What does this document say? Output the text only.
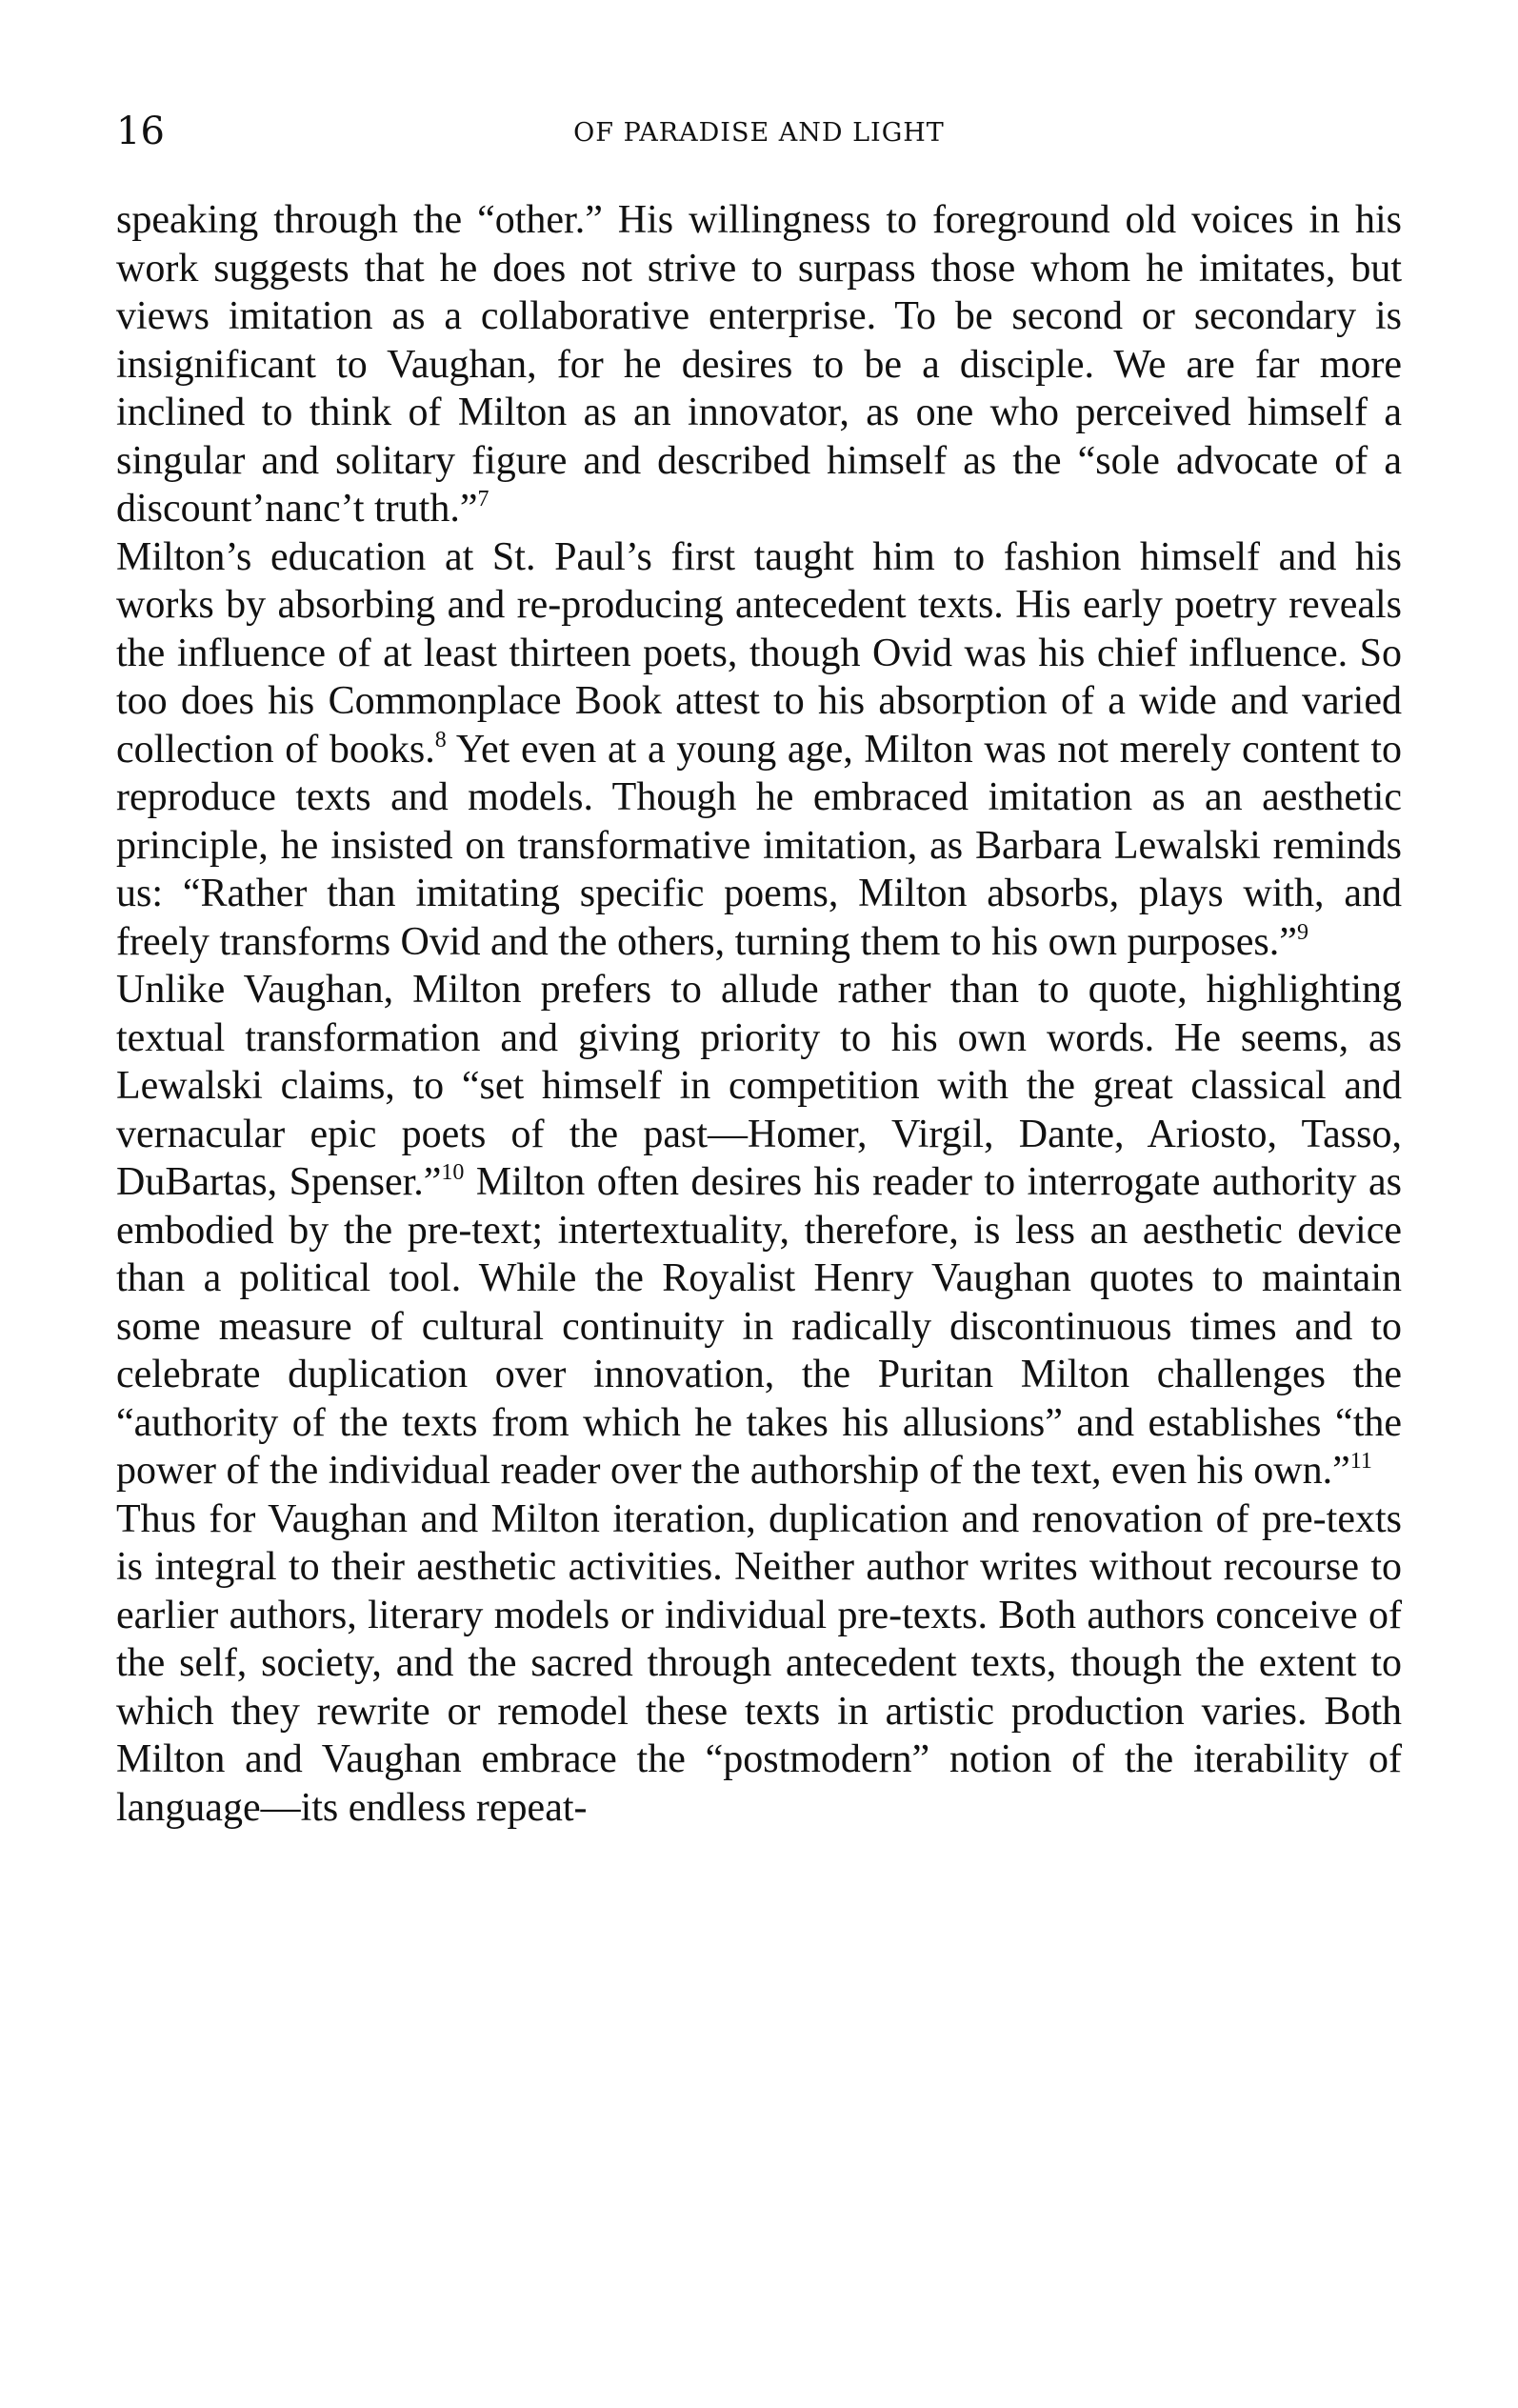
16	OF PARADISE AND LIGHT

speaking through the “other.” His willingness to foreground old voices in his work suggests that he does not strive to surpass those whom he imitates, but views imitation as a collaborative enterprise. To be second or secondary is insignificant to Vaughan, for he desires to be a disciple. We are far more inclined to think of Milton as an innovator, as one who perceived himself a singular and solitary figure and described himself as the “sole advocate of a discount’nanc’t truth.”$^7$

Milton’s education at St. Paul’s first taught him to fashion himself and his works by absorbing and re-producing antecedent texts. His early poetry reveals the influence of at least thirteen poets, though Ovid was his chief influence. So too does his Commonplace Book attest to his absorption of a wide and varied collection of books.$^8$ Yet even at a young age, Milton was not merely content to reproduce texts and models. Though he embraced imitation as an aesthetic principle, he insisted on transformative imitation, as Barbara Lewalski reminds us: “Rather than imitating specific poems, Milton absorbs, plays with, and freely transforms Ovid and the others, turning them to his own purposes.”$^9$

Unlike Vaughan, Milton prefers to allude rather than to quote, highlighting textual transformation and giving priority to his own words. He seems, as Lewalski claims, to “set himself in competition with the great classical and vernacular epic poets of the past—Homer, Virgil, Dante, Ariosto, Tasso, DuBartas, Spenser.”$^{10}$ Milton often desires his reader to interrogate authority as embodied by the pre-text; intertextuality, therefore, is less an aesthetic device than a political tool. While the Royalist Henry Vaughan quotes to maintain some measure of cultural continuity in radically discontinuous times and to celebrate duplication over innovation, the Puritan Milton challenges the “authority of the texts from which he takes his allusions” and establishes “the power of the individual reader over the authorship of the text, even his own.”$^{11}$

Thus for Vaughan and Milton iteration, duplication and renovation of pre-texts is integral to their aesthetic activities. Neither author writes without recourse to earlier authors, literary models or individual pre-texts. Both authors conceive of the self, society, and the sacred through antecedent texts, though the extent to which they rewrite or remodel these texts in artistic production varies. Both Milton and Vaughan embrace the “postmodern” notion of the iterability of language—its endless repeat-
